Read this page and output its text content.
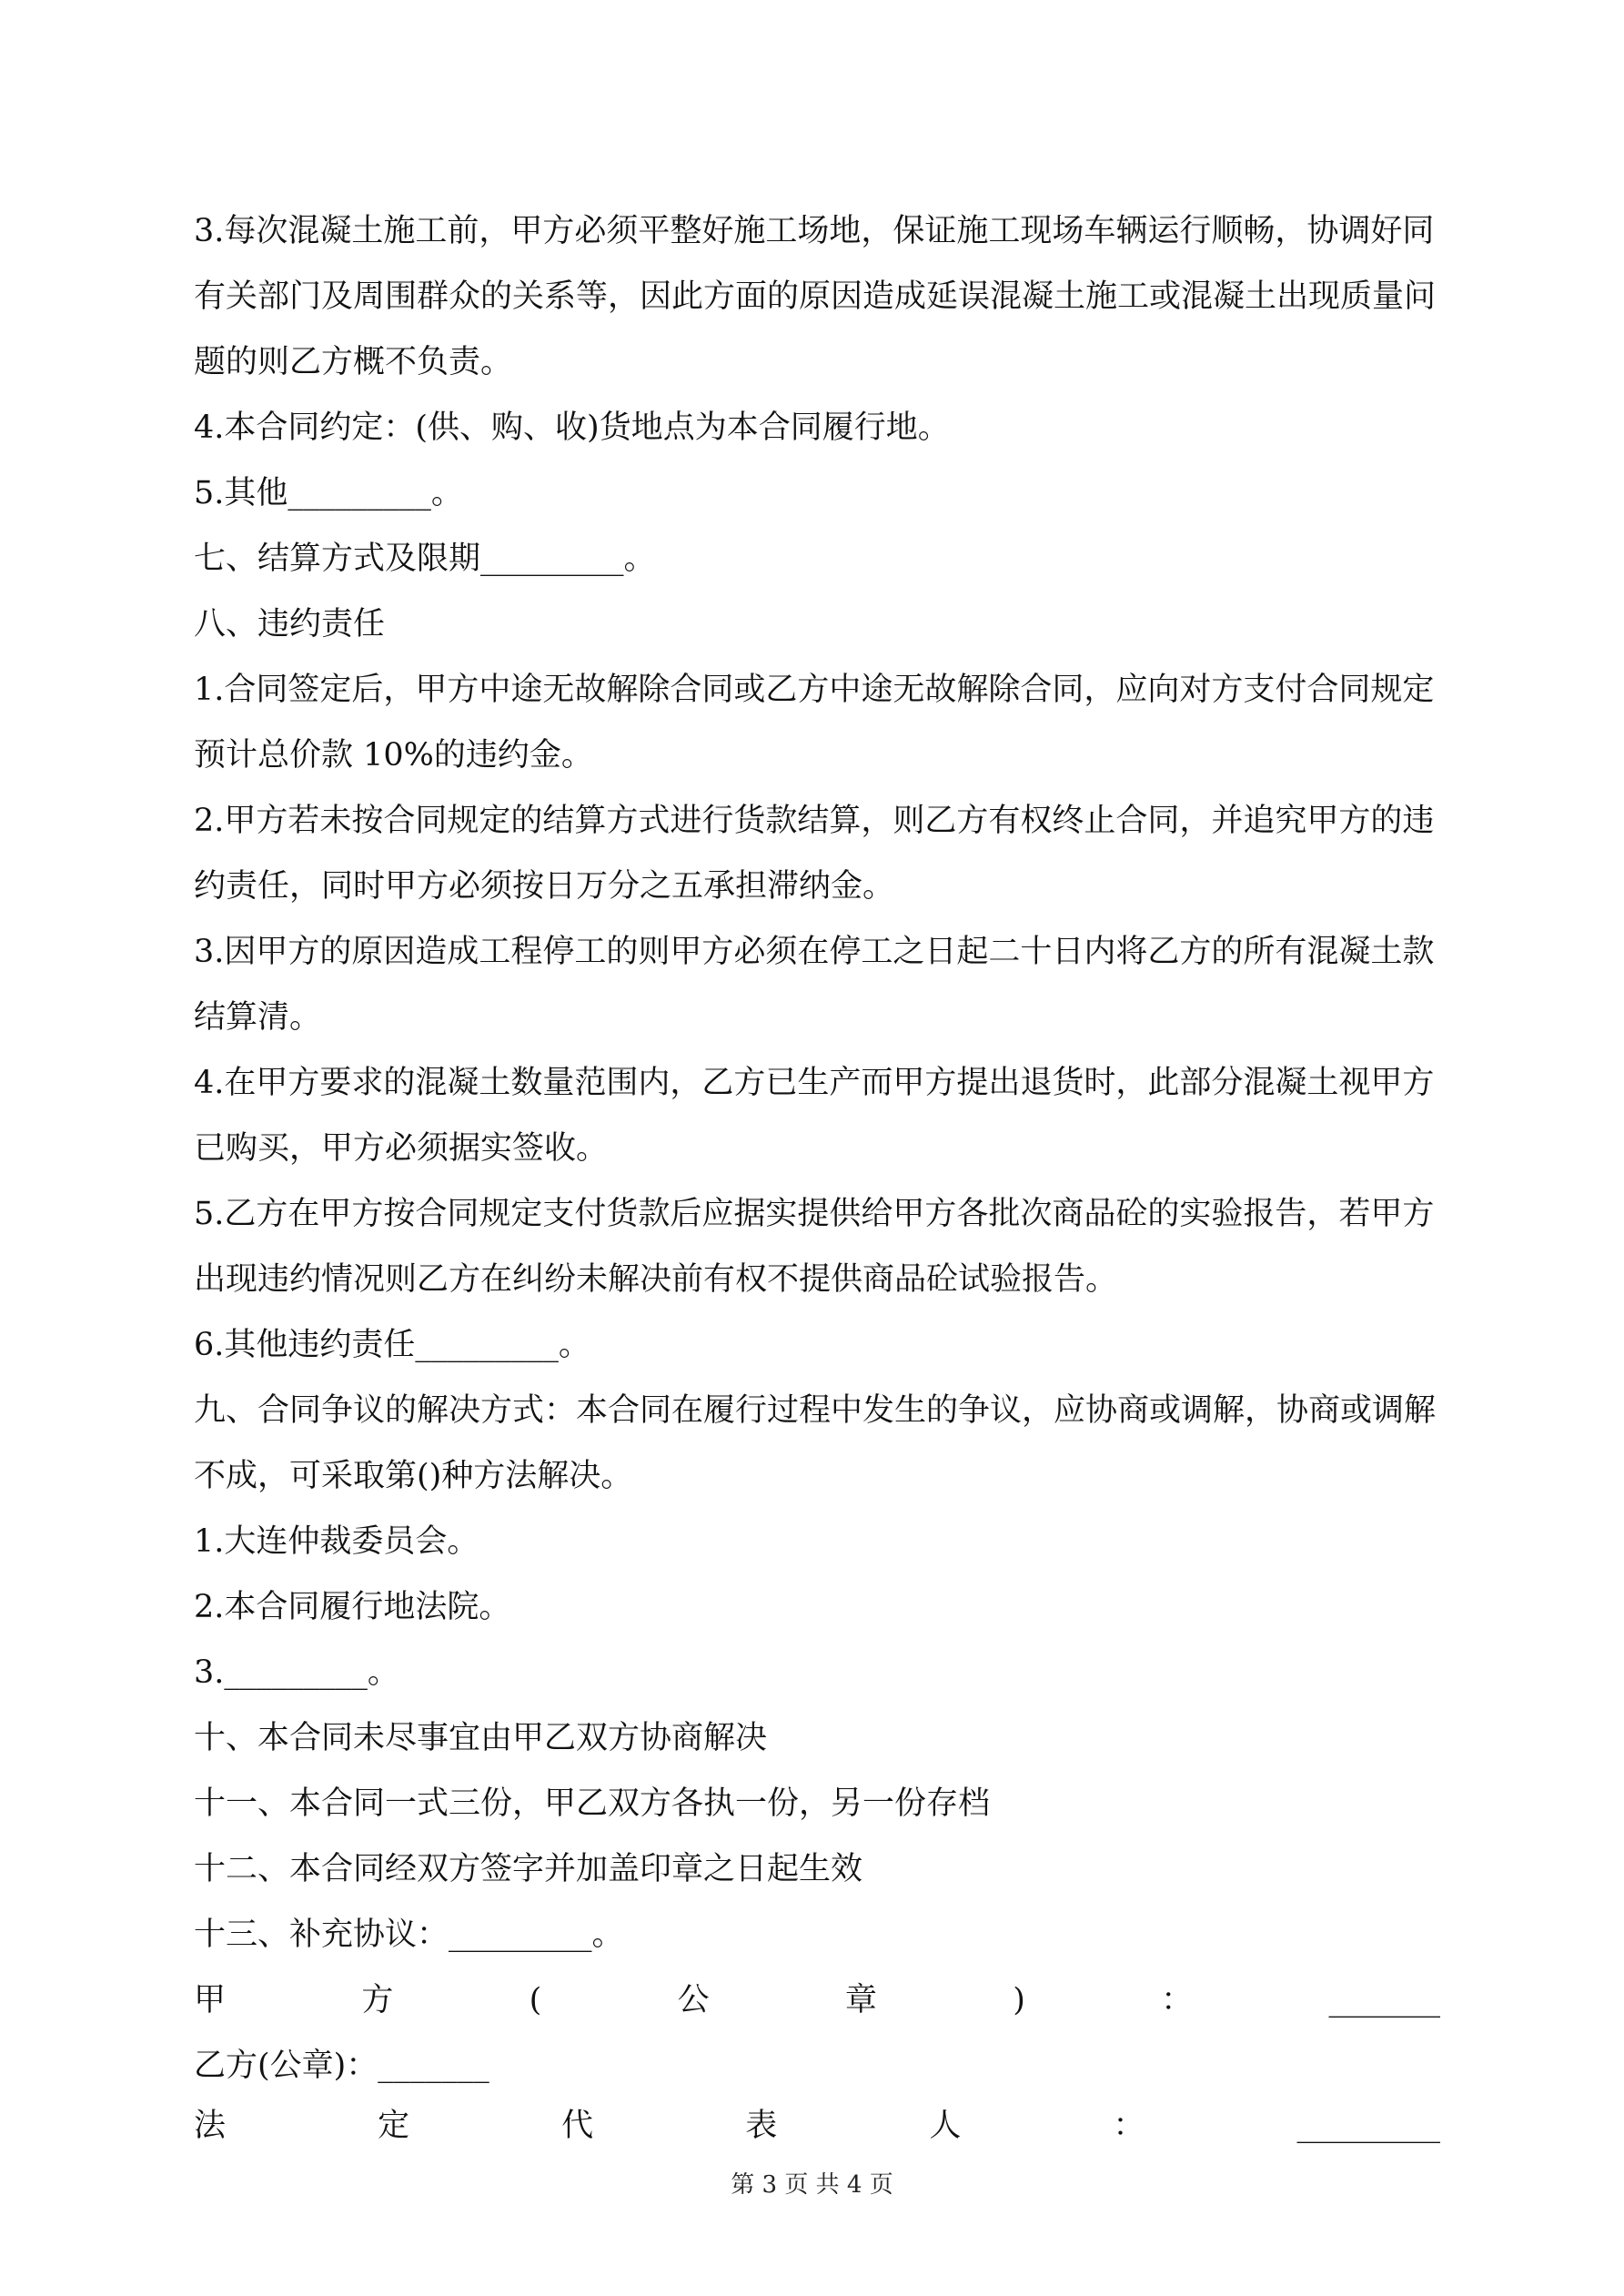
3.每次混凝土施工前，甲方必须平整好施工场地，保证施工现场车辆运行顺畅，协调好同有关部门及周围群众的关系等，因此方面的原因造成延误混凝土施工或混凝土出现质量问题的则乙方概不负责。

4.本合同约定：(供、购、收)货地点为本合同履行地。

5.其他_________。

七、结算方式及限期_________。

八、违约责任

1.合同签定后，甲方中途无故解除合同或乙方中途无故解除合同，应向对方支付合同规定预计总价款 10%的违约金。

2.甲方若未按合同规定的结算方式进行货款结算，则乙方有权终止合同，并追究甲方的违约责任，同时甲方必须按日万分之五承担滞纳金。

3.因甲方的原因造成工程停工的则甲方必须在停工之日起二十日内将乙方的所有混凝土款结算清。

4.在甲方要求的混凝土数量范围内，乙方已生产而甲方提出退货时，此部分混凝土视甲方已购买，甲方必须据实签收。

5.乙方在甲方按合同规定支付货款后应据实提供给甲方各批次商品砼的实验报告，若甲方出现违约情况则乙方在纠纷未解决前有权不提供商品砼试验报告。

6.其他违约责任_________。

九、合同争议的解决方式：本合同在履行过程中发生的争议，应协商或调解，协商或调解不成，可采取第()种方法解决。

1.大连仲裁委员会。

2.本合同履行地法院。

3._________。

十、本合同未尽事宜由甲乙双方协商解决

十一、本合同一式三份，甲乙双方各执一份，另一份存档

十二、本合同经双方签字并加盖印章之日起生效

十三、补充协议：_________。

甲	方	(	公	章	)	：	_______

乙方(公章)：_______

法	定	代	表	人	：	_________
第 3 页 共 4 页
